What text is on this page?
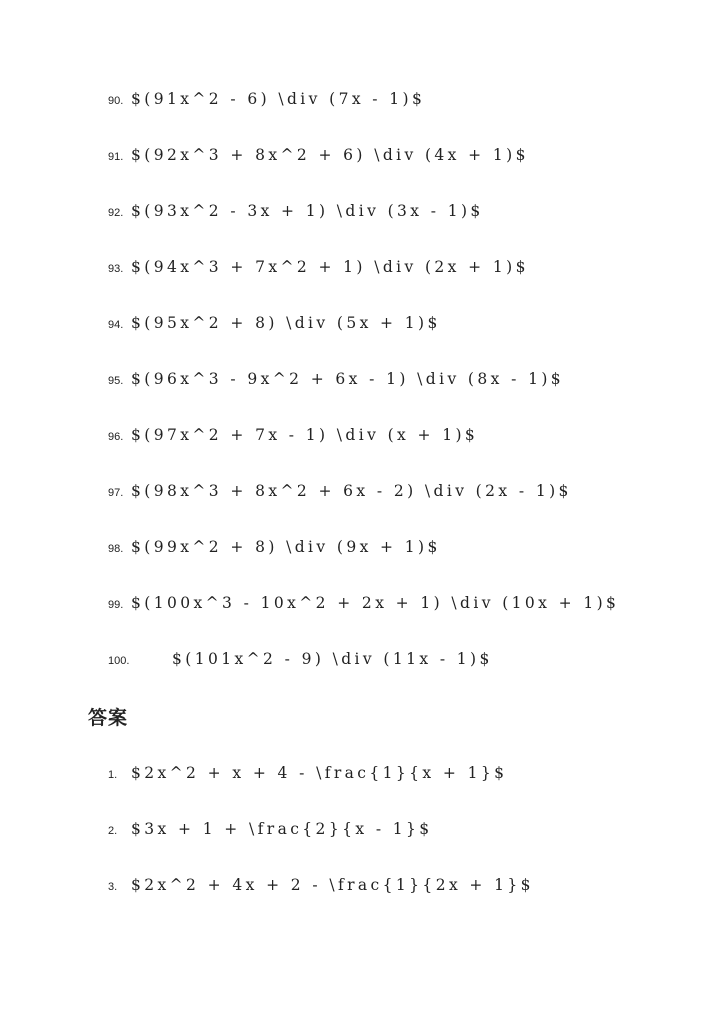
90. $(91x^2 - 6) \div (7x - 1)$
91. $(92x^3 + 8x^2 + 6) \div (4x + 1)$
92. $(93x^2 - 3x + 1) \div (3x - 1)$
93. $(94x^3 + 7x^2 + 1) \div (2x + 1)$
94. $(95x^2 + 8) \div (5x + 1)$
95. $(96x^3 - 9x^2 + 6x - 1) \div (8x - 1)$
96. $(97x^2 + 7x - 1) \div (x + 1)$
97. $(98x^3 + 8x^2 + 6x - 2) \div (2x - 1)$
98. $(99x^2 + 8) \div (9x + 1)$
99. $(100x^3 - 10x^2 + 2x + 1) \div (10x + 1)$
100.	$(101x^2 - 9) \div (11x - 1)$
答案
1. $2x^2 + x + 4 - \frac{1}{x + 1}$
2. $3x + 1 + \frac{2}{x - 1}$
3. $2x^2 + 4x + 2 - \frac{1}{2x + 1}$
